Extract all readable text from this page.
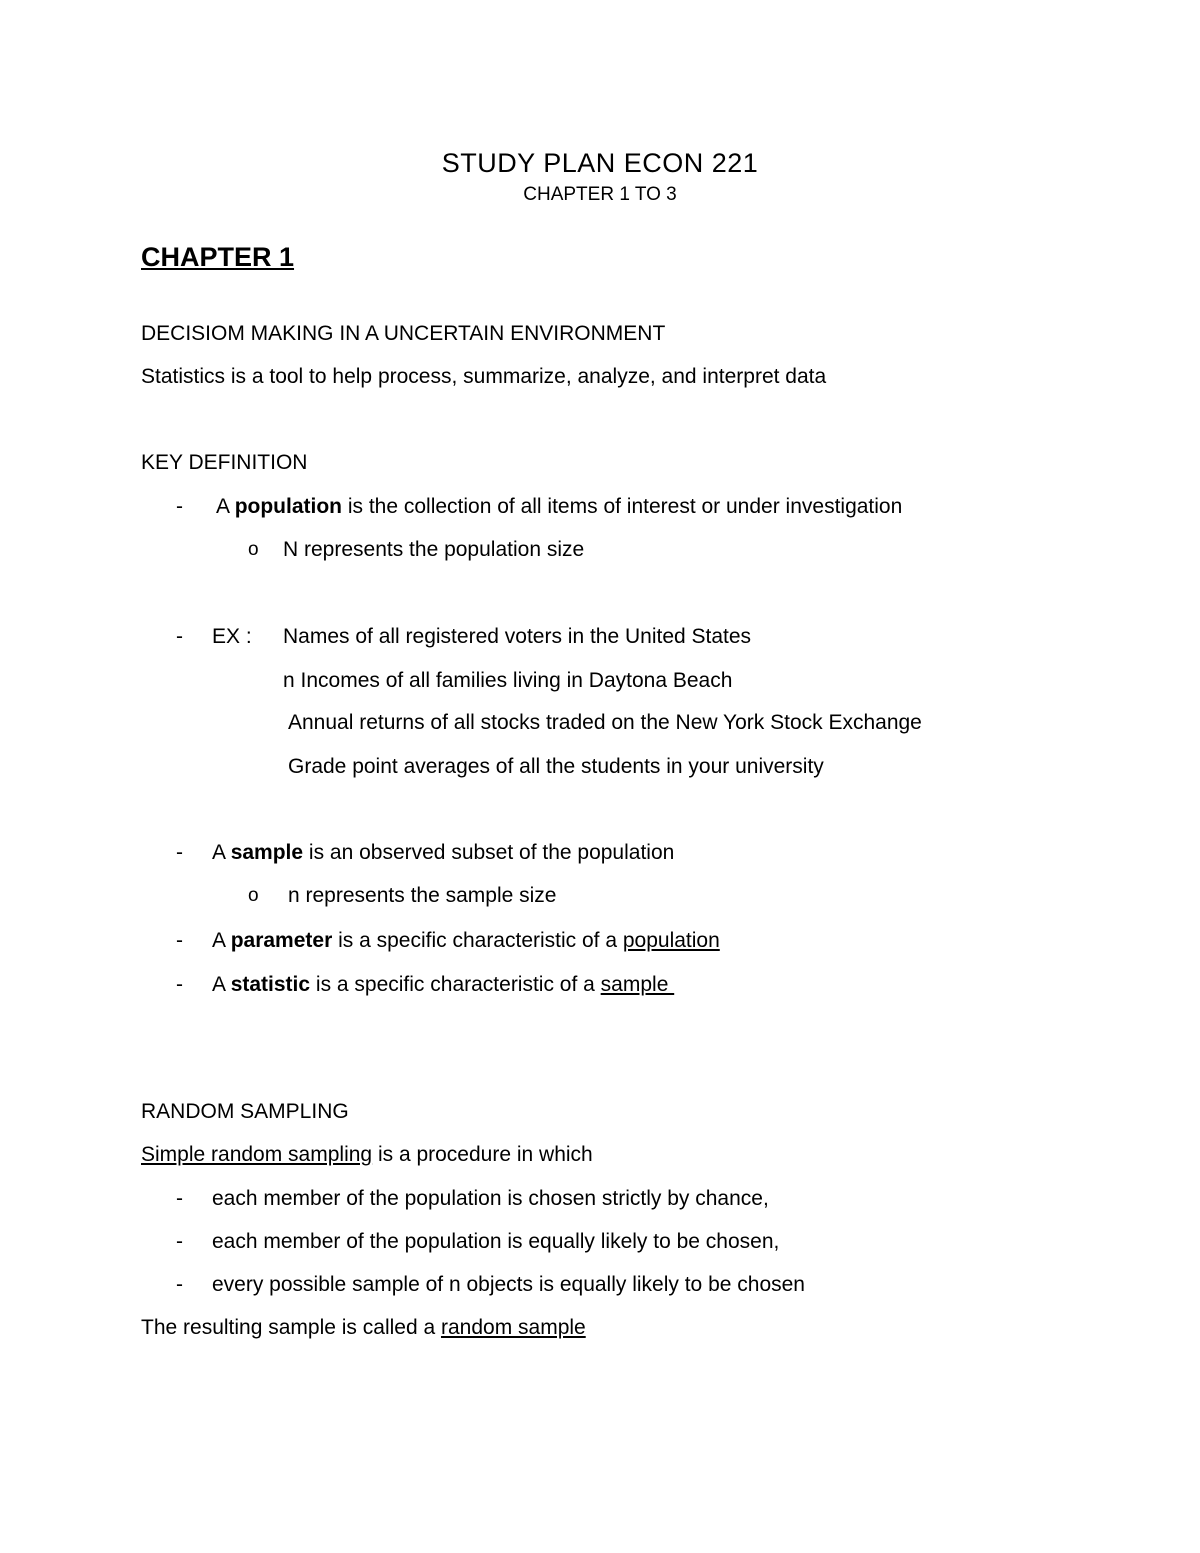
STUDY PLAN ECON 221
CHAPTER 1 TO 3
CHAPTER 1
DECISIOM MAKING IN A UNCERTAIN ENVIRONMENT
Statistics is a tool to help process, summarize, analyze, and interpret data
KEY DEFINITION
- A population is the collection of all items of interest or under investigation
o N represents the population size
- EX : Names of all registered voters in the United States
n Incomes of all families living in Daytona Beach
Annual returns of all stocks traded on the New York Stock Exchange
Grade point averages of all the students in your university
- A sample is an observed subset of the population
o n represents the sample size
- A parameter is a specific characteristic of a population
- A statistic is a specific characteristic of a sample
RANDOM SAMPLING
Simple random sampling is a procedure in which
- each member of the population is chosen strictly by chance,
- each member of the population is equally likely to be chosen,
- every possible sample of n objects is equally likely to be chosen
The resulting sample is called a random sample
